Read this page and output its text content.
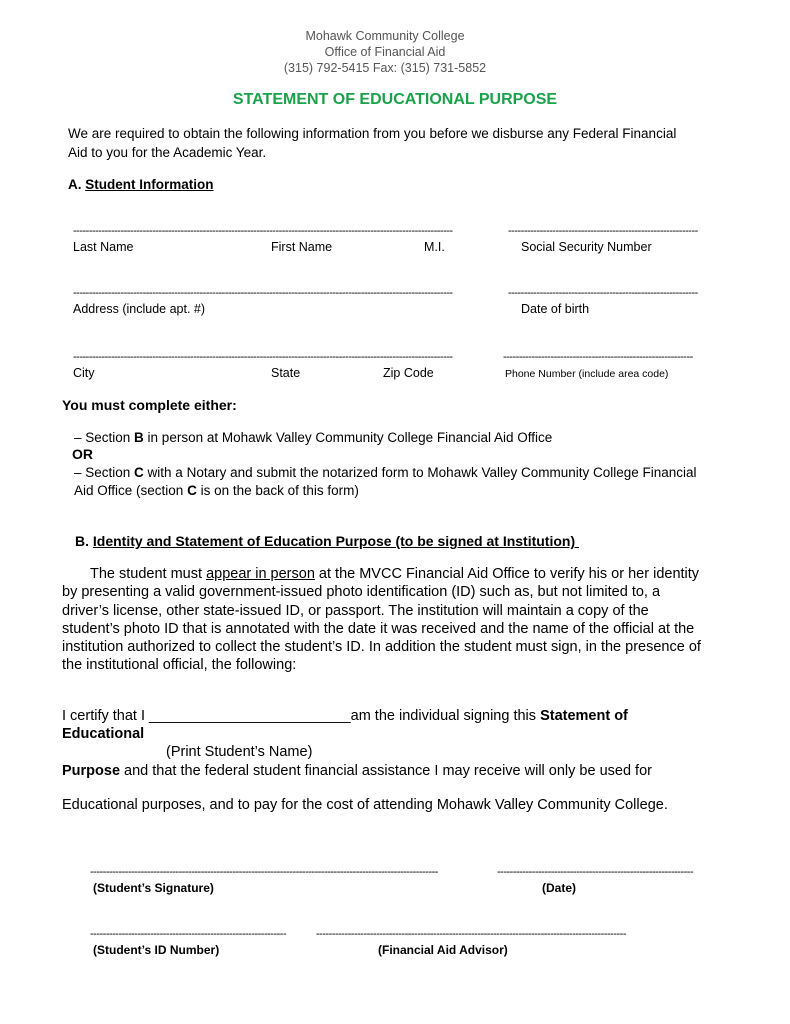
Mohawk Community College
Office of Financial Aid
(315) 792-5415 Fax: (315) 731-5852
STATEMENT OF EDUCATIONAL PURPOSE
We are required to obtain the following information from you before we disburse any Federal Financial
Aid to you for the Academic Year.
A. Student Information
------------------------------------------------------------------------------------------------------------------------	------------------------------------------------------------
Last Name	First Name	M.I.	Social Security Number
------------------------------------------------------------------------------------------------------------------------	------------------------------------------------------------
Address (include apt. #)	Date of birth
------------------------------------------------------------------------------------------------------------------------	------------------------------------------------------------
City	State	Zip Code	Phone Number (include area code)
You must complete either:
– Section B in person at Mohawk Valley Community College Financial Aid Office
OR
– Section C with a Notary and submit the notarized form to Mohawk Valley Community College Financial
Aid Office (section C is on the back of this form)
B. Identity and Statement of Education Purpose (to be signed at Institution)
The student must appear in person at the MVCC Financial Aid Office to verify his or her identity by presenting a valid government-issued photo identification (ID) such as, but not limited to, a driver’s license, other state-issued ID, or passport. The institution will maintain a copy of the student’s photo ID that is annotated with the date it was received and the name of the official at the institution authorized to collect the student’s ID. In addition the student must sign, in the presence of the institutional official, the following:
I certify that I _________________________am the individual signing this Statement of
Educational
(Print Student’s Name)
Purpose and that the federal student financial assistance I may receive will only be used for
Educational purposes, and to pay for the cost of attending Mohawk Valley Community College.
--------------------------------------------------------------------------------------------------------------	--------------------------------------------------------------
(Student’s Signature)	(Date)
--------------------------------------------------------------	--------------------------------------------------------------------------------------------------
(Student’s ID Number)	(Financial Aid Advisor)
